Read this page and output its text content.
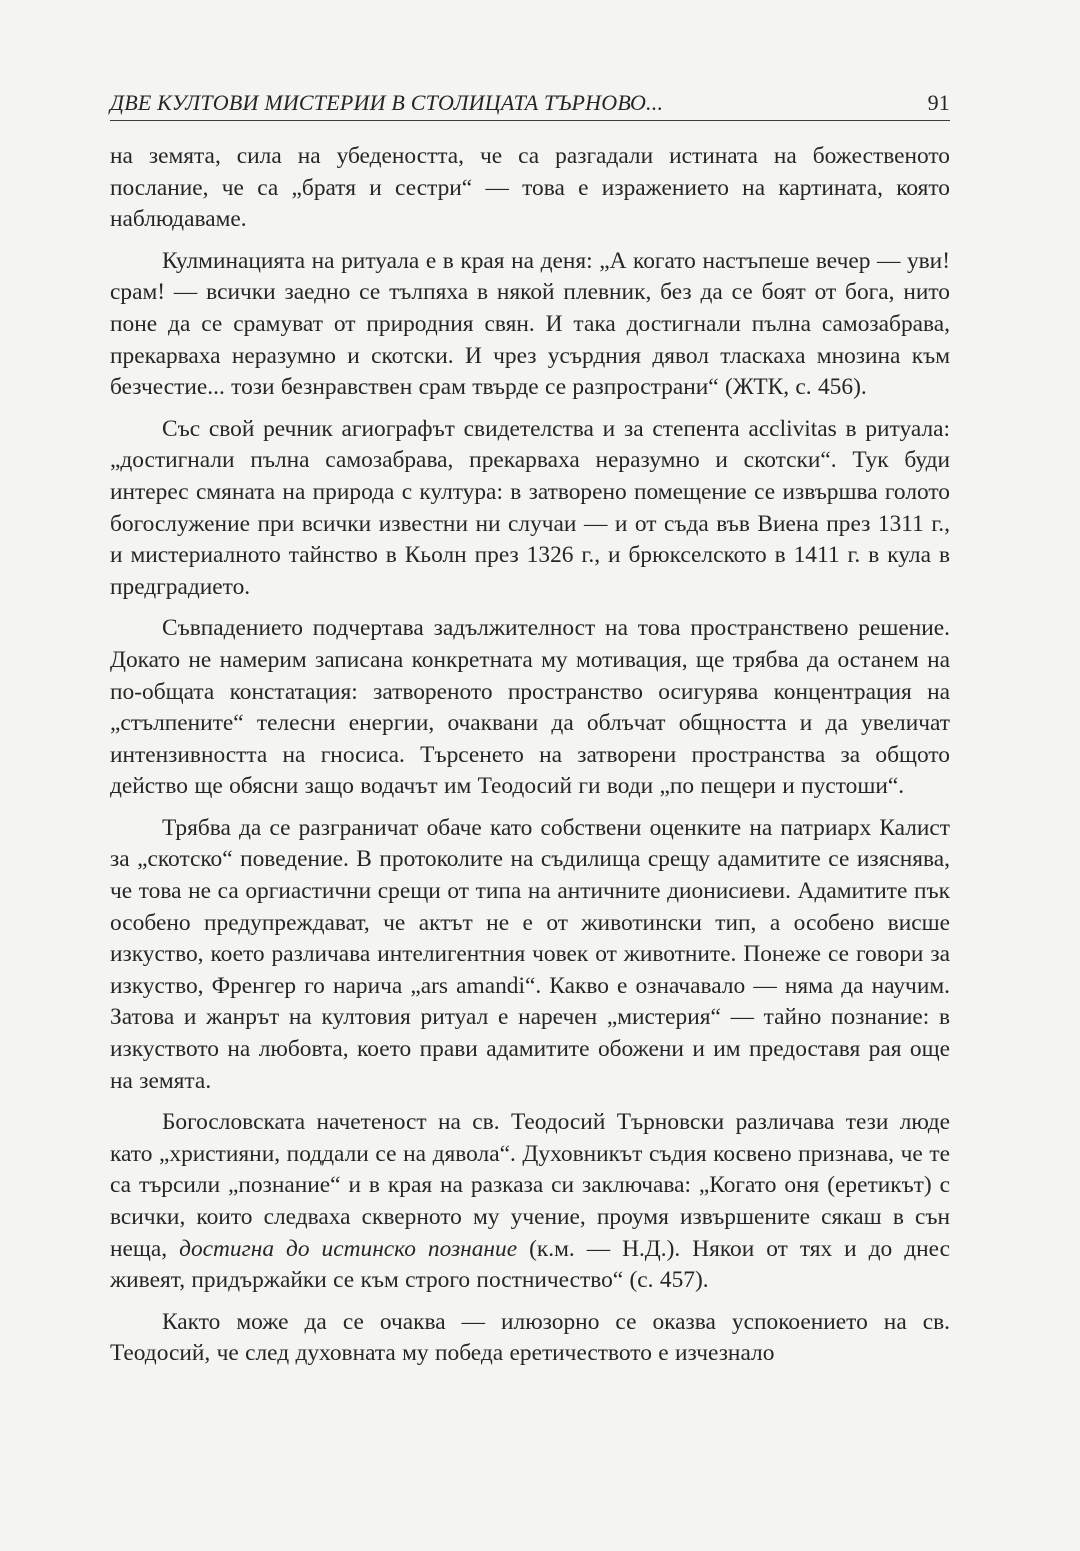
ДВЕ КУЛТОВИ МИСТЕРИИ В СТОЛИЦАТА ТЪРНОВО...	91

на земята, сила на убедеността, че са разгадали истината на божественото послание, че са „братя и сестри“ — това е изражението на картината, която наблюдаваме.

Кулминацията на ритуала е в края на деня: „А когато настъпеше вечер — уви! срам! — всички заедно се тълпяха в някой плевник, без да се боят от бога, нито поне да се срамуват от природния свян. И така достигнали пълна самозабрава, прекарваха неразумно и скотски. И чрез усърдния дявол тласкаха мнозина към безчестие... този безнравствен срам твърде се разпространи“ (ЖТК, с. 456).

Със свой речник агиографът свидетелства и за степента acclivitas в ритуала: „достигнали пълна самозабрава, прекарваха неразумно и скотски“. Тук буди интерес смяната на природа с култура: в затворено помещение се извършва голото богослужение при всички известни ни случаи — и от съда във Виена през 1311 г., и мистериалното тайнство в Кьолн през 1326 г., и брюкселското в 1411 г. в кула в предградието.

Съвпадението подчертава задължителност на това пространствено решение. Докато не намерим записана конкретната му мотивация, ще трябва да останем на по-общата констатация: затвореното пространство осигурява концентрация на „стълпените“ телесни енергии, очаквани да облъчат общността и да увеличат интензивността на гносиса. Търсенето на затворени пространства за общото действо ще обясни защо водачът им Теодосий ги води „по пещери и пустоши“.

Трябва да се разграничат обаче като собствени оценките на патриарх Калист за „скотско“ поведение. В протоколите на съдилища срещу адамитите се изяснява, че това не са оргиастични срещи от типа на античните дионисиеви. Адамитите пък особено предупреждават, че актът не е от животински тип, а особено висше изкуство, което различава интелигентния човек от животните. Понеже се говори за изкуство, Френгер го нарича „ars amandi“. Какво е означавало — няма да научим. Затова и жанрът на култовия ритуал е наречен „мистерия“ — тайно познание: в изкуството на любовта, което прави адамитите обожени и им предоставя рая още на земята.

Богословската начетеност на св. Теодосий Търновски различава тези люде като „християни, поддали се на дявола“. Духовникът съдия косвено признава, че те са търсили „познание“ и в края на разказа си заключава: „Когато оня (еретикът) с всички, които следваха скверното му учение, проумя извършените сякаш в сън неща, достигна до истинско познание (к.м. — Н.Д.). Някои от тях и до днес живеят, придържайки се към строго постничество“ (с. 457).

Както може да се очаква — илюзорно се оказва успокоението на св. Теодосий, че след духовната му победа еретичеството е изчезнало
